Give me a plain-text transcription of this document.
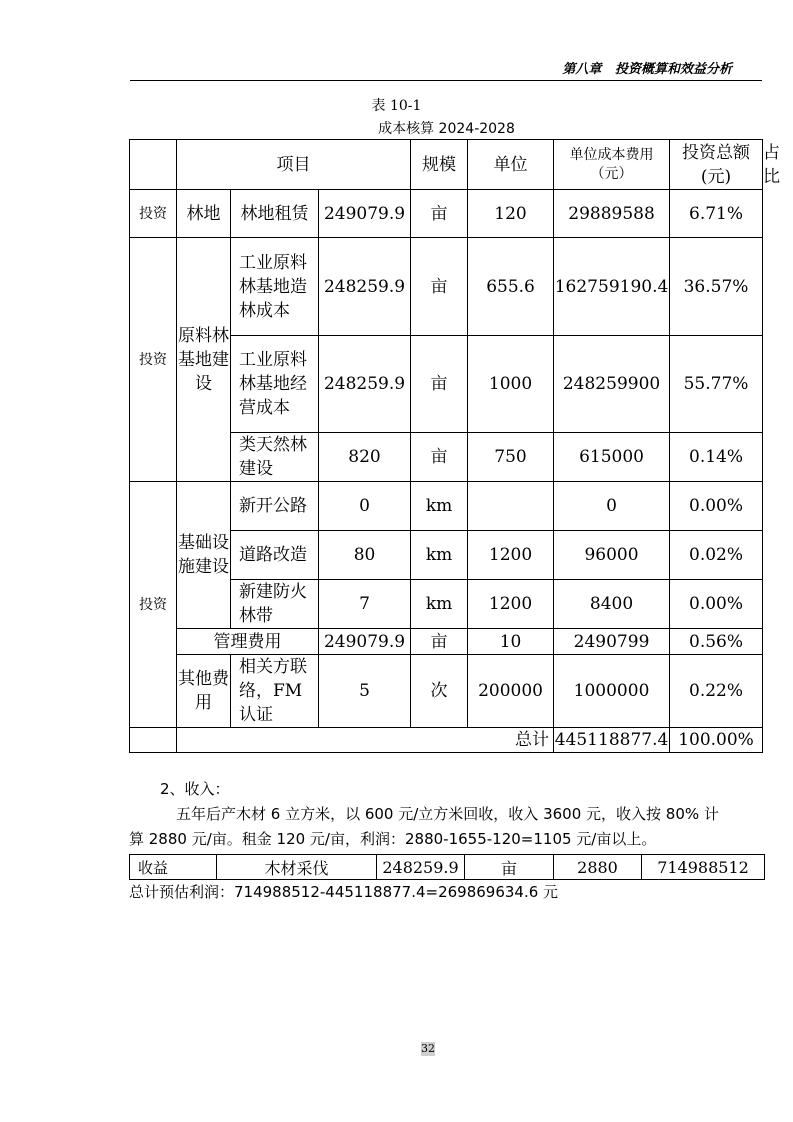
第八章 投资概算和效益分析
表 10-1
成本核算 2024-2028
	项目			规模	单位	单位成本费用（元）	投资总额(元)	占比
投资	林地	林地租赁	249079.9	亩	120	29889588	6.71%	
投资	原料林基地建设	工业原料林基地造林成本	248259.9	亩	655.6	162759190.4	36.57%	
		工业原料林基地经营成本	248259.9	亩	1000	248259900	55.77%	
		类天然林建设	820	亩	750	615000	0.14%	
投资	基础设施建设	新开公路	0	km		0	0.00%	
		道路改造	80	km	1200	96000	0.02%	
		新建防火林带	7	km	1200	8400	0.00%	
	管理费用		249079.9	亩	10	2490799	0.56%	
	其他费用	相关方联络，FM认证	5	次	200000	1000000	0.22%	
	总计					445118877.4	100.00%	
2、收入：
五年后产木材 6 立方米，以 600 元/立方米回收，收入 3600 元，收入按 80% 计
算 2880 元/亩。租金 120 元/亩，利润：2880-1655-120=1105 元/亩以上。
收益	木材采伐	248259.9	亩	2880	714988512
总计预估利润：714988512-445118877.4=269869634.6 元
32
